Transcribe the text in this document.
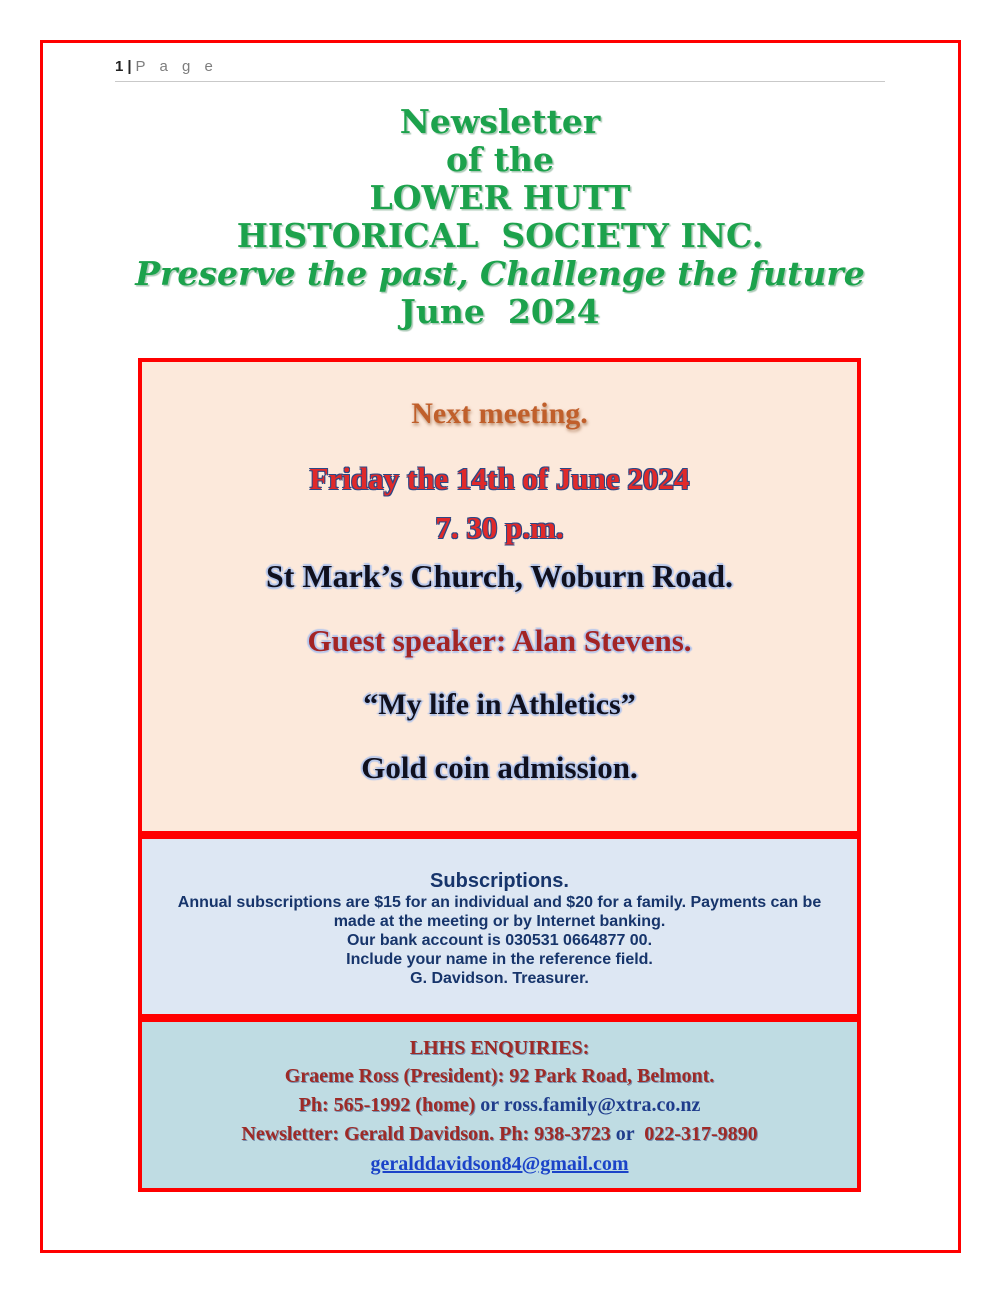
1 | P a g e
Newsletter
of the
LOWER HUTT
HISTORICAL  SOCIETY INC.
Preserve the past, Challenge the future
June  2024
Next meeting.
Friday the 14th of June 2024
7. 30 p.m.
St Mark’s Church, Woburn Road.
Guest speaker: Alan Stevens.
“My life in Athletics”
Gold coin admission.
Subscriptions.
Annual subscriptions are $15 for an individual and $20 for a family. Payments can be
made at the meeting or by Internet banking.
Our bank account is 030531 0664877 00.
Include your name in the reference field.
G. Davidson. Treasurer.
LHHS ENQUIRIES:
Graeme Ross (President): 92 Park Road, Belmont.
Ph: 565-1992 (home) or ross.family@xtra.co.nz
Newsletter: Gerald Davidson. Ph: 938-3723 or  022-317-9890
geralddavidson84@gmail.com
